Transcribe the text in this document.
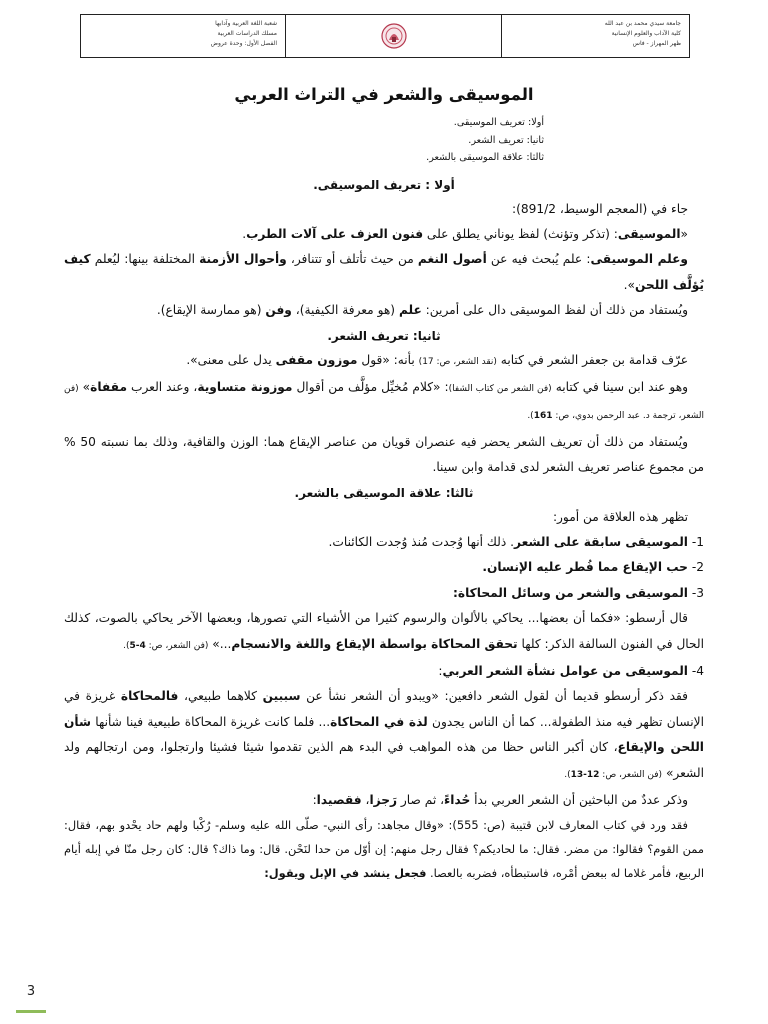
جامعة سيدي محمد بن عبد الله
كلية الآداب والعلوم الإنسانية
ظهر المهراز - فاس
شعبة اللغة العربية وآدابها
مسلك الدراسات العربية
الفصل الأول: وحدة عروض
الموسيقى والشعر في التراث العربي
أولا: تعريف الموسيقى.
ثانيا: تعريف الشعر.
ثالثا: علاقة الموسيقى بالشعر.
أولا : تعريف الموسيقى.

جاء في (المعجم الوسيط، 891/2):

«الموسيقى: (تذكر وتؤنث) لفظ يوناني يطلق على فنون العزف على آلات الطرب.

وعلم الموسيقى: علم يُبحث فيه عن أصول النغم من حيث تأتلف أو تتنافر، وأحوال الأزمنة المختلفة بينها: ليُعلم كيف يُؤلَّف اللحن».

ويُستفاد من ذلك أن لفظ الموسيقى دال على أمرين: علم (هو معرفة الكيفية)، وفن (هو ممارسة الإيقاع).

ثانيا: تعريف الشعر.

عرّف قدامة بن جعفر الشعر في كتابه (نقد الشعر، ص: 17) بأنه: «قول موزون مقفى يدل على معنى».

وهو عند ابن سينا في كتابه (فن الشعر من كتاب الشفا): «كلام مُخيِّل مؤلَّف من أقوال موزونة متساوية، وعند العرب مقفاة» (فن الشعر، ترجمة د. عبد الرحمن بدوي، ص: 161).

ويُستفاد من ذلك أن تعريف الشعر يحضر فيه عنصران قويان من عناصر الإيقاع هما: الوزن والقافية، وذلك بما نسبته 50 % من مجموع عناصر تعريف الشعر لدى قدامة وابن سينا.

ثالثا: علاقة الموسيقى بالشعر.

تظهر هذه العلاقة من أمور:

1- الموسيقى سابقة على الشعر. ذلك أنها وُجدت مُنذ وُجدت الكائنات.

2- حب الإيقاع مما فُطر عليه الإنسان.

3- الموسيقى والشعر من وسائل المحاكاة:

قال أرسطو: «فكما أن بعضها... يحاكي بالألوان والرسوم كثيرا من الأشياء التي تصورها، وبعضها الآخر يحاكي بالصوت، كذلك الحال في الفنون السالفة الذكر: كلها تحقق المحاكاة بواسطة الإيقاع واللغة والانسجام...» (فن الشعر، ص: 4-5).

4- الموسيقى من عوامل نشأة الشعر العربي:

فقد ذكر أرسطو قديما أن لقول الشعر دافعين: «ويبدو أن الشعر نشأ عن سببين كلاهما طبيعي، فالمحاكاة غريزة في الإنسان تظهر فيه منذ الطفولة... كما أن الناس يجدون لذة في المحاكاة... فلما كانت غريزة المحاكاة طبيعية فينا شأنها شأن اللحن والإيقاع، كان أكبر الناس حظا من هذه المواهب في البدء هم الذين تقدموا شيئا فشيئا وارتجلوا، ومن ارتجالهم ولد الشعر» (فن الشعر، ص: 12-13).

وذكر عددٌ من الباحثين أن الشعر العربي بدأ حُداءً، ثم صار رَجزا، فقصيدا:

فقد ورد في كتاب المعارف لابن قتيبة (ص: 555): «وقال مجاهد: رأى النبي- صلّى الله عليه وسلم- رُكْبا ولهم حاد يحْدو بهم، فقال: ممن القوم؟ فقالوا: من مضر. فقال: ما لحاديكم؟ فقال رجل منهم: إن أوّل من حدا لنَحْن. قال: وما ذاك؟ قال: كان رجل منّا في إبله أيام الربيع، فأمر غلاما له ببعض أمْره، فاستبطأه، فضربه بالعصا. فجعل ينشد في الإبل ويقول:

3
